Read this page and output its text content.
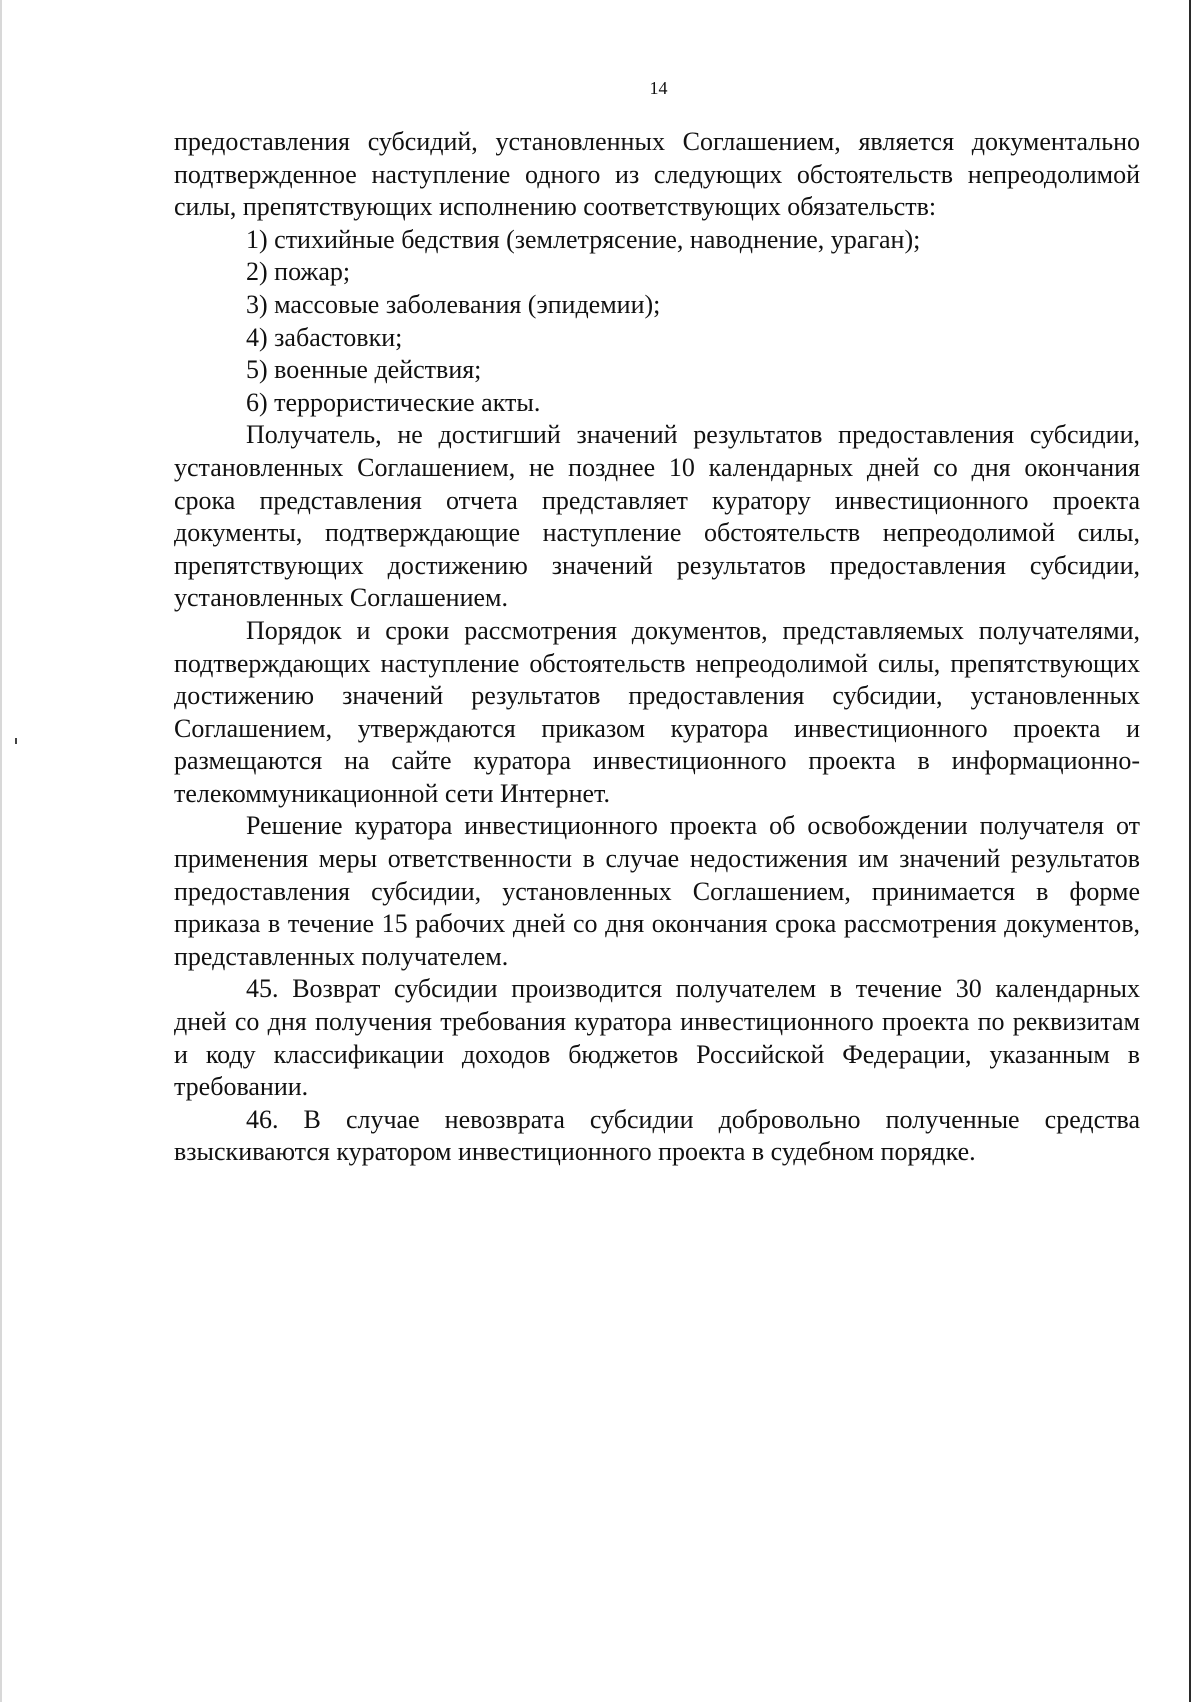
14

предоставления субсидий, установленных Соглашением, является документально подтвержденное наступление одного из следующих обстоятельств непреодолимой силы, препятствующих исполнению соответствующих обязательств:

1) стихийные бедствия (землетрясение, наводнение, ураган);

2) пожар;

3) массовые заболевания (эпидемии);

4) забастовки;

5) военные действия;

6) террористические акты.

Получатель, не достигший значений результатов предоставления субсидии, установленных Соглашением, не позднее 10 календарных дней со дня окончания срока представления отчета представляет куратору инвестиционного проекта документы, подтверждающие наступление обстоятельств непреодолимой силы, препятствующих достижению значений результатов предоставления субсидии, установленных Соглашением.

Порядок и сроки рассмотрения документов, представляемых получателями, подтверждающих наступление обстоятельств непреодолимой силы, препятствующих достижению значений результатов предоставления субсидии, установленных Соглашением, утверждаются приказом куратора инвестиционного проекта и размещаются на сайте куратора инвестиционного проекта в информационно-телекоммуникационной сети Интернет.

Решение куратора инвестиционного проекта об освобождении получателя от применения меры ответственности в случае недостижения им значений результатов предоставления субсидии, установленных Соглашением, принимается в форме приказа в течение 15 рабочих дней со дня окончания срока рассмотрения документов, представленных получателем.

45. Возврат субсидии производится получателем в течение 30 календарных дней со дня получения требования куратора инвестиционного проекта по реквизитам и коду классификации доходов бюджетов Российской Федерации, указанным в требовании.

46. В случае невозврата субсидии добровольно полученные средства взыскиваются куратором инвестиционного проекта в судебном порядке.
